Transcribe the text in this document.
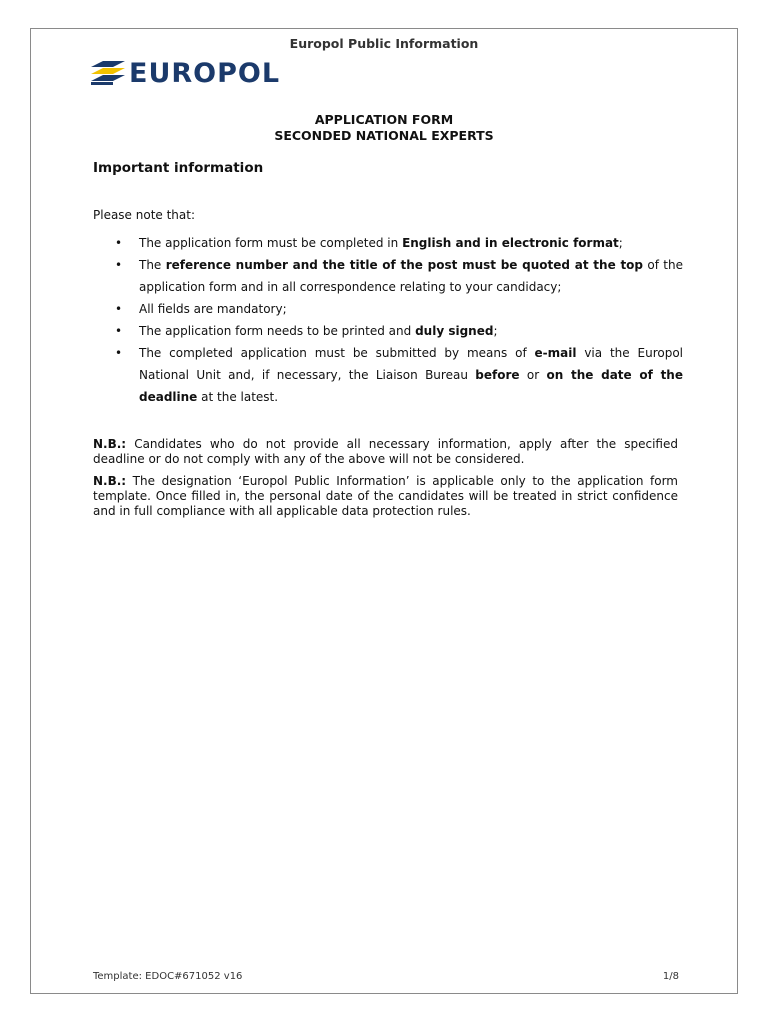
Europol Public Information
EUROPOL
APPLICATION FORM
SECONDED NATIONAL EXPERTS
Important information
Please note that:
• The application form must be completed in English and in electronic format;
• The reference number and the title of the post must be quoted at the top of the application form and in all correspondence relating to your candidacy;
• All fields are mandatory;
• The application form needs to be printed and duly signed;
• The completed application must be submitted by means of e-mail via the Europol National Unit and, if necessary, the Liaison Bureau before or on the date of the deadline at the latest.
N.B.: Candidates who do not provide all necessary information, apply after the specified deadline or do not comply with any of the above will not be considered.
N.B.: The designation ‘Europol Public Information’ is applicable only to the application form template. Once filled in, the personal date of the candidates will be treated in strict confidence and in full compliance with all applicable data protection rules.
Template: EDOC#671052 v16	1/8
